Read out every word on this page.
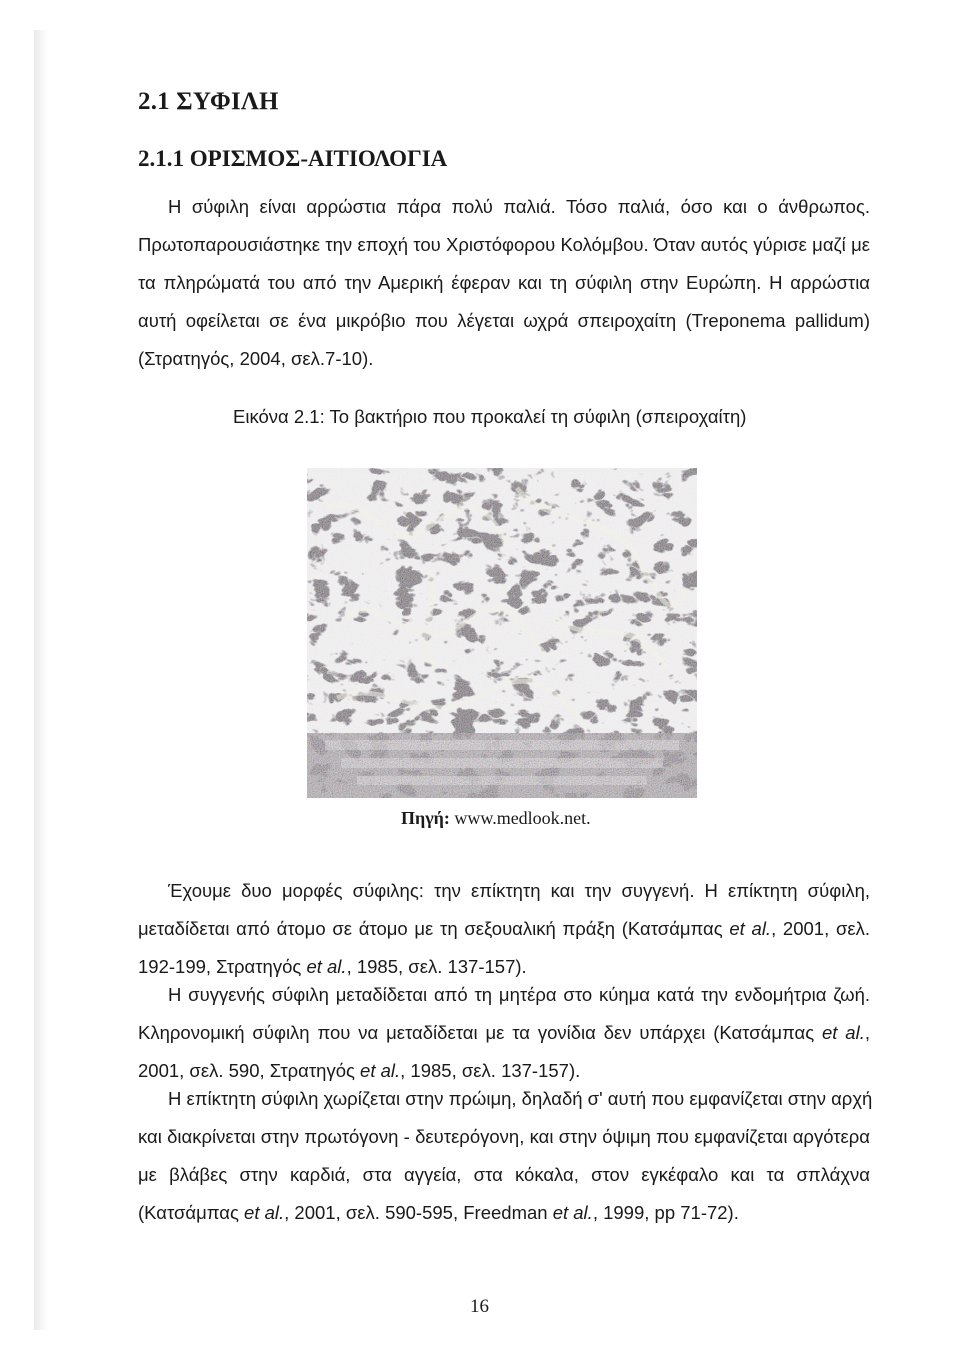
2.1 ΣΥΦΙΛΗ
2.1.1 ΟΡΙΣΜΟΣ-ΑΙΤΙΟΛΟΓΙΑ
Η σύφιλη είναι αρρώστια πάρα πολύ παλιά. Τόσο παλιά, όσο και ο άνθρωπος.
Πρωτοπαρουσιάστηκε την εποχή του Χριστόφορου Κολόμβου. Όταν αυτός γύρισε μαζί με
τα πληρώματά του από την Αμερική έφεραν και τη σύφιλη στην Ευρώπη. Η αρρώστια
αυτή οφείλεται σε ένα μικρόβιο που λέγεται ωχρά σπειροχαίτη (Treponema pallidum)
(Στρατηγός, 2004, σελ.7-10).
Εικόνα 2.1: Το βακτήριο που προκαλεί τη σύφιλη (σπειροχαίτη)
Πηγή: www.medlook.net.
Έχουμε δυο μορφές σύφιλης: την επίκτητη και την συγγενή. Η επίκτητη σύφιλη,
μεταδίδεται από άτομο σε άτομο με τη σεξουαλική πράξη (Κατσάμπας et al., 2001, σελ.
192-199, Στρατηγός et al., 1985, σελ. 137-157).
Η συγγενής σύφιλη μεταδίδεται από τη μητέρα στο κύημα κατά την ενδομήτρια ζωή.
Κληρονομική σύφιλη που να μεταδίδεται με τα γονίδια δεν υπάρχει (Κατσάμπας et al.,
2001, σελ. 590, Στρατηγός et al., 1985, σελ. 137-157).
Η επίκτητη σύφιλη χωρίζεται στην πρώιμη, δηλαδή σ' αυτή που εμφανίζεται στην αρχή
και διακρίνεται στην πρωτόγονη - δευτερόγονη, και στην όψιμη που εμφανίζεται αργότερα
με βλάβες στην καρδιά, στα αγγεία, στα κόκαλα, στον εγκέφαλο και τα σπλάχνα
(Κατσάμπας et al., 2001, σελ. 590-595, Freedman et al., 1999, pp 71-72).
16
